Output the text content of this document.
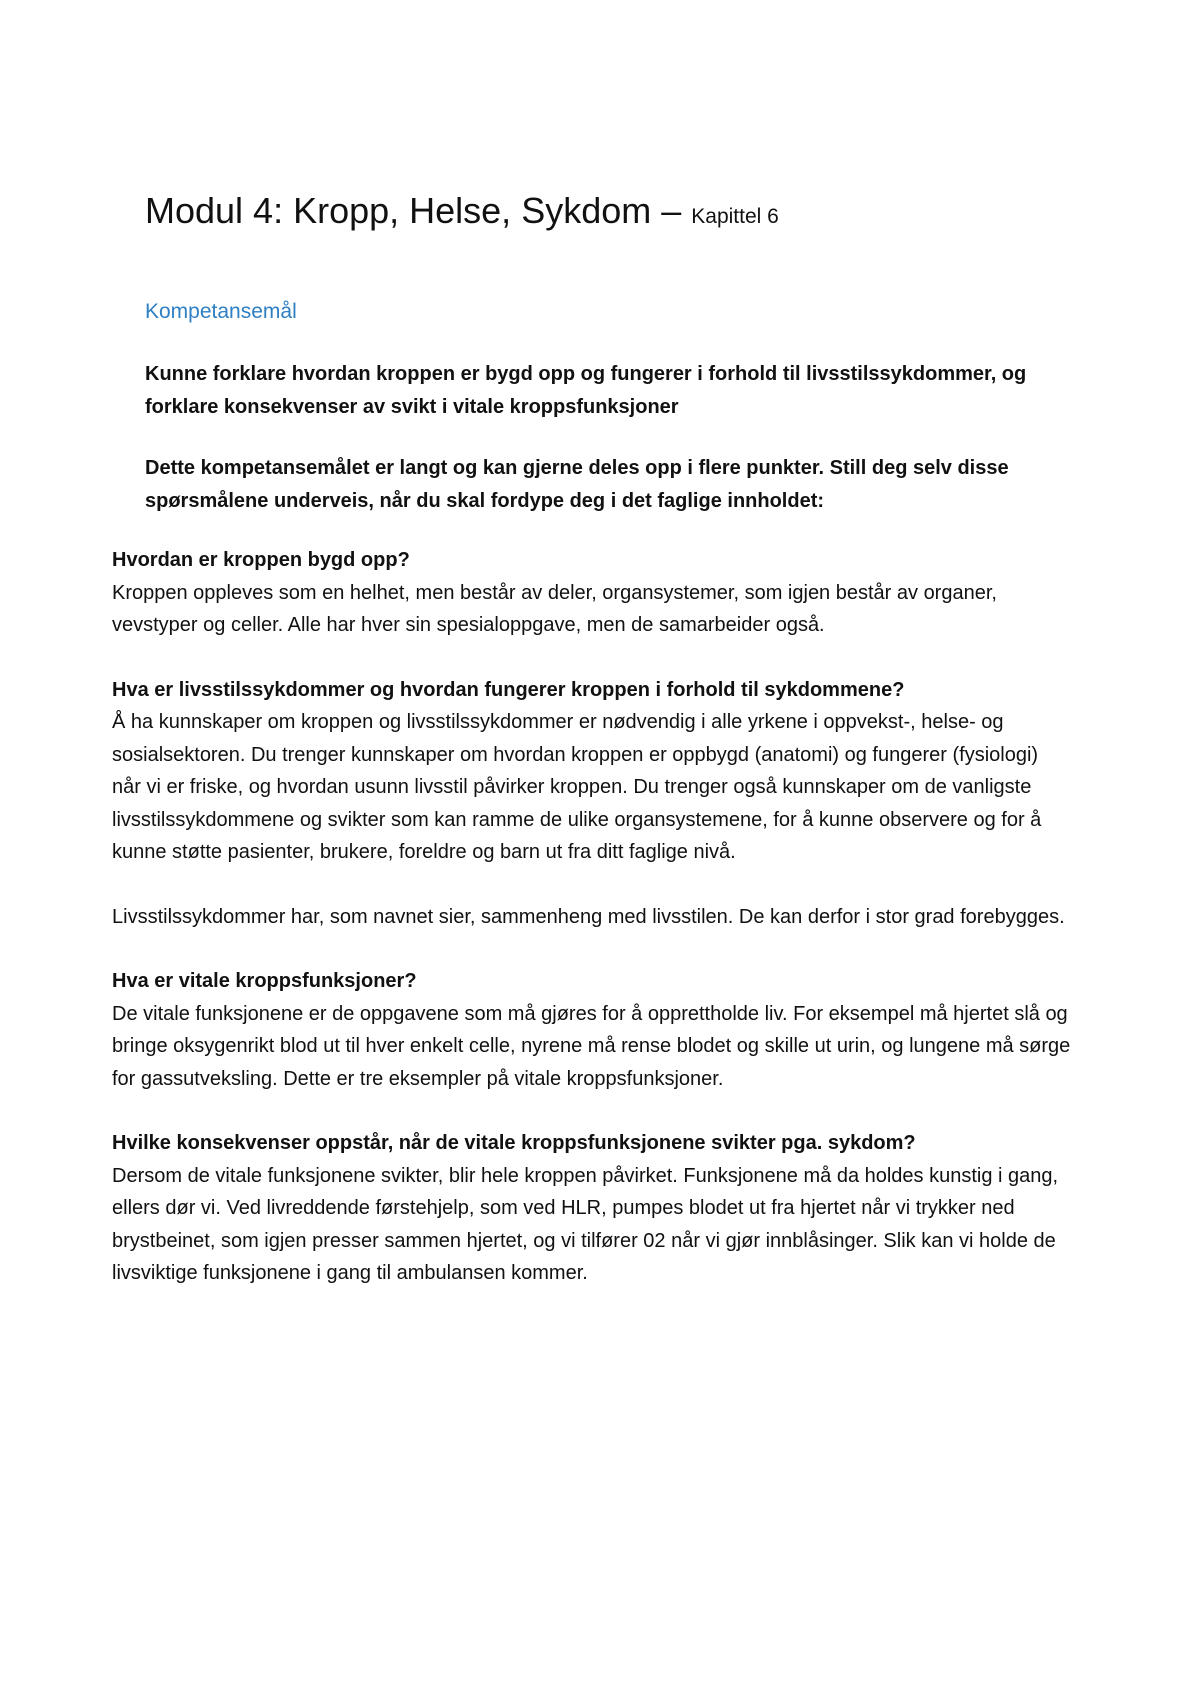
Modul 4: Kropp, Helse, Sykdom – Kapittel 6
Kompetansemål

Kunne forklare hvordan kroppen er bygd opp og fungerer i forhold til livsstilssykdommer, og forklare konsekvenser av svikt i vitale kroppsfunksjoner

Dette kompetansemålet er langt og kan gjerne deles opp i flere punkter. Still deg selv disse spørsmålene underveis, når du skal fordype deg i det faglige innholdet:

Hvordan er kroppen bygd opp?

Kroppen oppleves som en helhet, men består av deler, organsystemer, som igjen består av organer, vevstyper og celler. Alle har hver sin spesialoppgave, men de samarbeider også.

Hva er livsstilssykdommer og hvordan fungerer kroppen i forhold til sykdommene?

Å ha kunnskaper om kroppen og livsstilssykdommer er nødvendig i alle yrkene i oppvekst-, helse- og sosialsektoren. Du trenger kunnskaper om hvordan kroppen er oppbygd (anatomi) og fungerer (fysiologi) når vi er friske, og hvordan usunn livsstil påvirker kroppen. Du trenger også kunnskaper om de vanligste livsstilssykdommene og svikter som kan ramme de ulike organsystemene, for å kunne observere og for å kunne støtte pasienter, brukere, foreldre og barn ut fra ditt faglige nivå.

Livsstilssykdommer har, som navnet sier, sammenheng med livsstilen. De kan derfor i stor grad forebygges.

Hva er vitale kroppsfunksjoner?

De vitale funksjonene er de oppgavene som må gjøres for å opprettholde liv. For eksempel må hjertet slå og bringe oksygenrikt blod ut til hver enkelt celle, nyrene må rense blodet og skille ut urin, og lungene må sørge for gassutveksling. Dette er tre eksempler på vitale kroppsfunksjoner.

Hvilke konsekvenser oppstår, når de vitale kroppsfunksjonene svikter pga. sykdom?

Dersom de vitale funksjonene svikter, blir hele kroppen påvirket. Funksjonene må da holdes kunstig i gang, ellers dør vi. Ved livreddende førstehjelp, som ved HLR, pumpes blodet ut fra hjertet når vi trykker ned brystbeinet, som igjen presser sammen hjertet, og vi tilfører 02 når vi gjør innblåsinger. Slik kan vi holde de livsviktige funksjonene i gang til ambulansen kommer.
